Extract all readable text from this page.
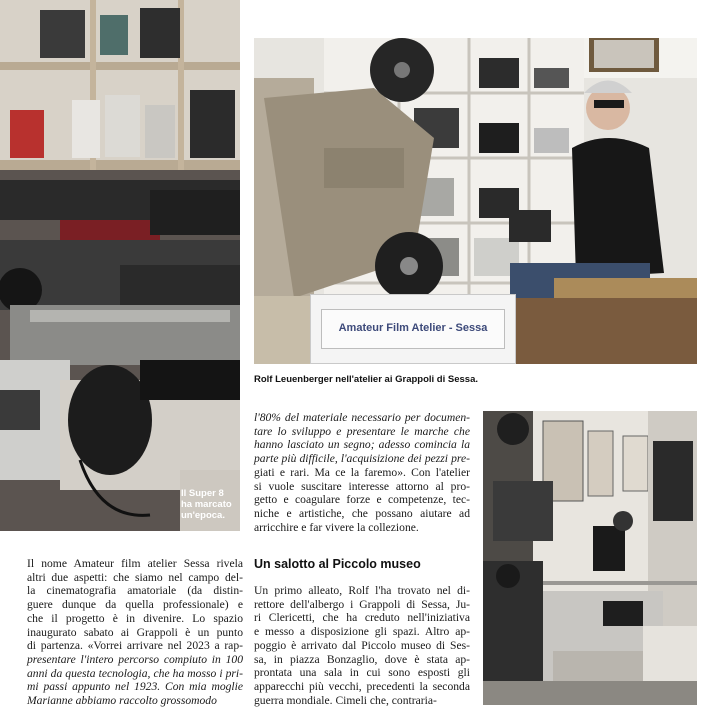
Il Super 8
ha marcato
un'epoca.
Amateur Film Atelier - Sessa
Rolf Leuenberger nell'atelier ai Grappoli di Sessa.
Il nome Amateur film atelier Sessa rivela
altri due aspetti: che siamo nel campo del-
la cinematografia amatoriale (da distin-
guere dunque da quella professionale) e
che il progetto è in divenire. Lo spazio
inaugurato sabato ai Grappoli è un punto
di partenza. «Vorrei arrivare nel 2023 a rap-
presentare l'intero percorso compiuto in 100
anni da questa tecnologia, che ha mosso i pri-
mi passi appunto nel 1923. Con mia moglie
Marianne abbiamo raccolto grossomodo
l'80% del materiale necessario per documen-
tare lo sviluppo e presentare le marche che
hanno lasciato un segno; adesso comincia la
parte più difficile, l'acquisizione dei pezzi pre-
giati e rari. Ma ce la faremo». Con l'atelier
si vuole suscitare interesse attorno al pro-
getto e coagulare forze e competenze, tec-
niche e artistiche, che possano aiutare ad
arricchire e far vivere la collezione.
Un salotto al Piccolo museo
Un primo alleato, Rolf l'ha trovato nel di-
rettore dell'albergo i Grappoli di Sessa, Ju-
ri Clericetti, che ha creduto nell'iniziativa
e messo a disposizione gli spazi. Altro ap-
poggio è arrivato dal Piccolo museo di Ses-
sa, in piazza Bonzaglio, dove è stata ap-
prontata una sala in cui sono esposti gli
apparecchi più vecchi, precedenti la seconda
guerra mondiale. Cimeli che, contraria-
